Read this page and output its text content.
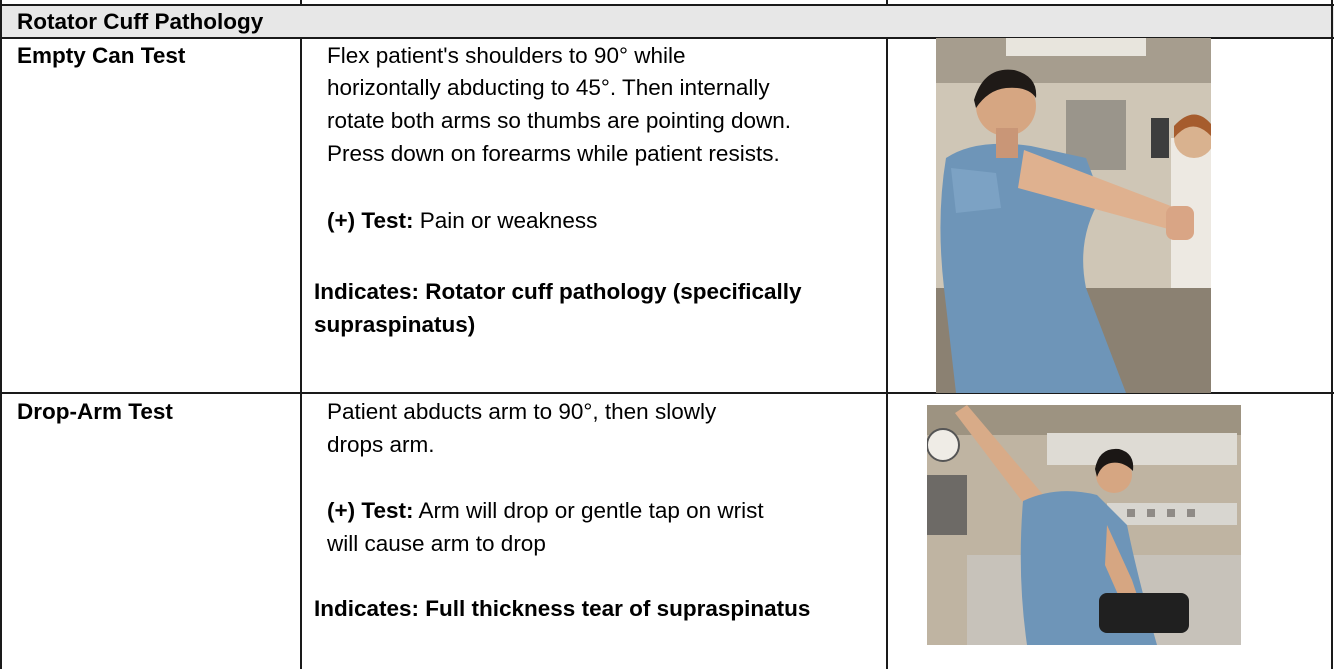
Rotator Cuff Pathology
Empty Can Test	Flex patient's shoulders to 90° while
horizontally abducting to 45°. Then internally
rotate both arms so thumbs are pointing down.
Press down on forearms while patient resists.
(+) Test: Pain or weakness
Indicates: Rotator cuff pathology (specifically
supraspinatus)
Drop-Arm Test	Patient abducts arm to 90°, then slowly
drops arm.
(+) Test: Arm will drop or gentle tap on wrist
will cause arm to drop
Indicates: Full thickness tear of supraspinatus
